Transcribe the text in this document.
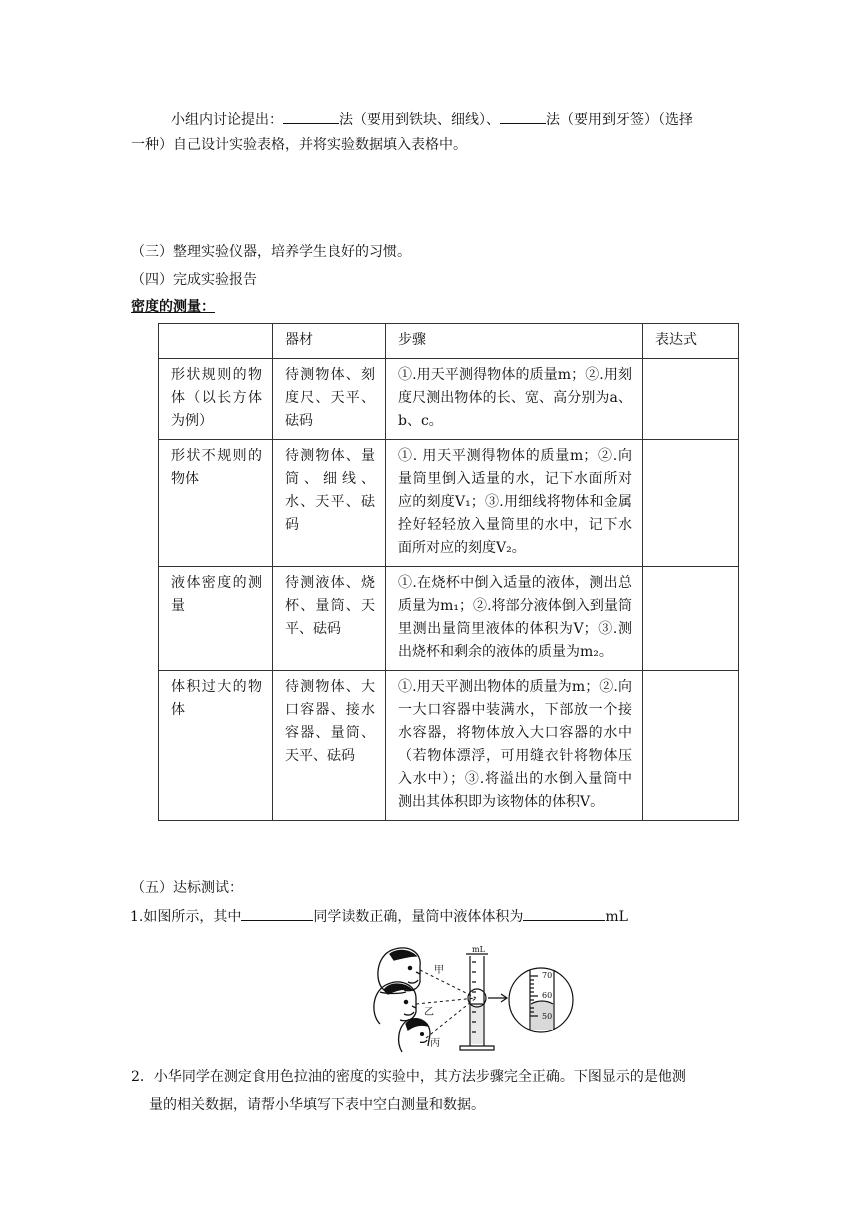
小组内讨论提出：	法（要用到铁块、细线）、	法（要用到牙签）（选择
一种）自己设计实验表格，并将实验数据填入表格中。
（三）整理实验仪器，培养学生良好的习惯。
（四）完成实验报告
密度的测量：
	器材	步骤	表达式
形状规则的物体（以长方体为例）	待测物体、刻度尺、天平、砝码	①.用天平测得物体的质量m；②.用刻度尺测出物体的长、宽、高分别为a、b、c。	
形状不规则的物体	待测物体、量筒、细线、水、天平、砝码	①. 用天平测得物体的质量m；②.向量筒里倒入适量的水，记下水面所对应的刻度V₁；③.用细线将物体和金属拴好轻轻放入量筒里的水中，记下水面所对应的刻度V₂。	
液体密度的测量	待测液体、烧杯、量筒、天平、砝码	①.在烧杯中倒入适量的液体，测出总质量为m₁；②.将部分液体倒入到量筒里测出量筒里液体的体积为V；③.测出烧杯和剩余的液体的质量为m₂。	
体积过大的物体	待测物体、大口容器、接水容器、量筒、天平、砝码	①.用天平测出物体的质量为m；②.向一大口容器中装满水，下部放一个接水容器，将物体放入大口容器的水中（若物体漂浮，可用缝衣针将物体压入水中）；③.将溢出的水倒入量筒中测出其体积即为该物体的体积V。	
（五）达标测试：
1.如图所示，其中	同学读数正确，量筒中液体体积为	mL
甲
乙
丙
mL
70
60
50
2．小华同学在测定食用色拉油的密度的实验中，其方法步骤完全正确。下图显示的是他测
量的相关数据，请帮小华填写下表中空白测量和数据。
